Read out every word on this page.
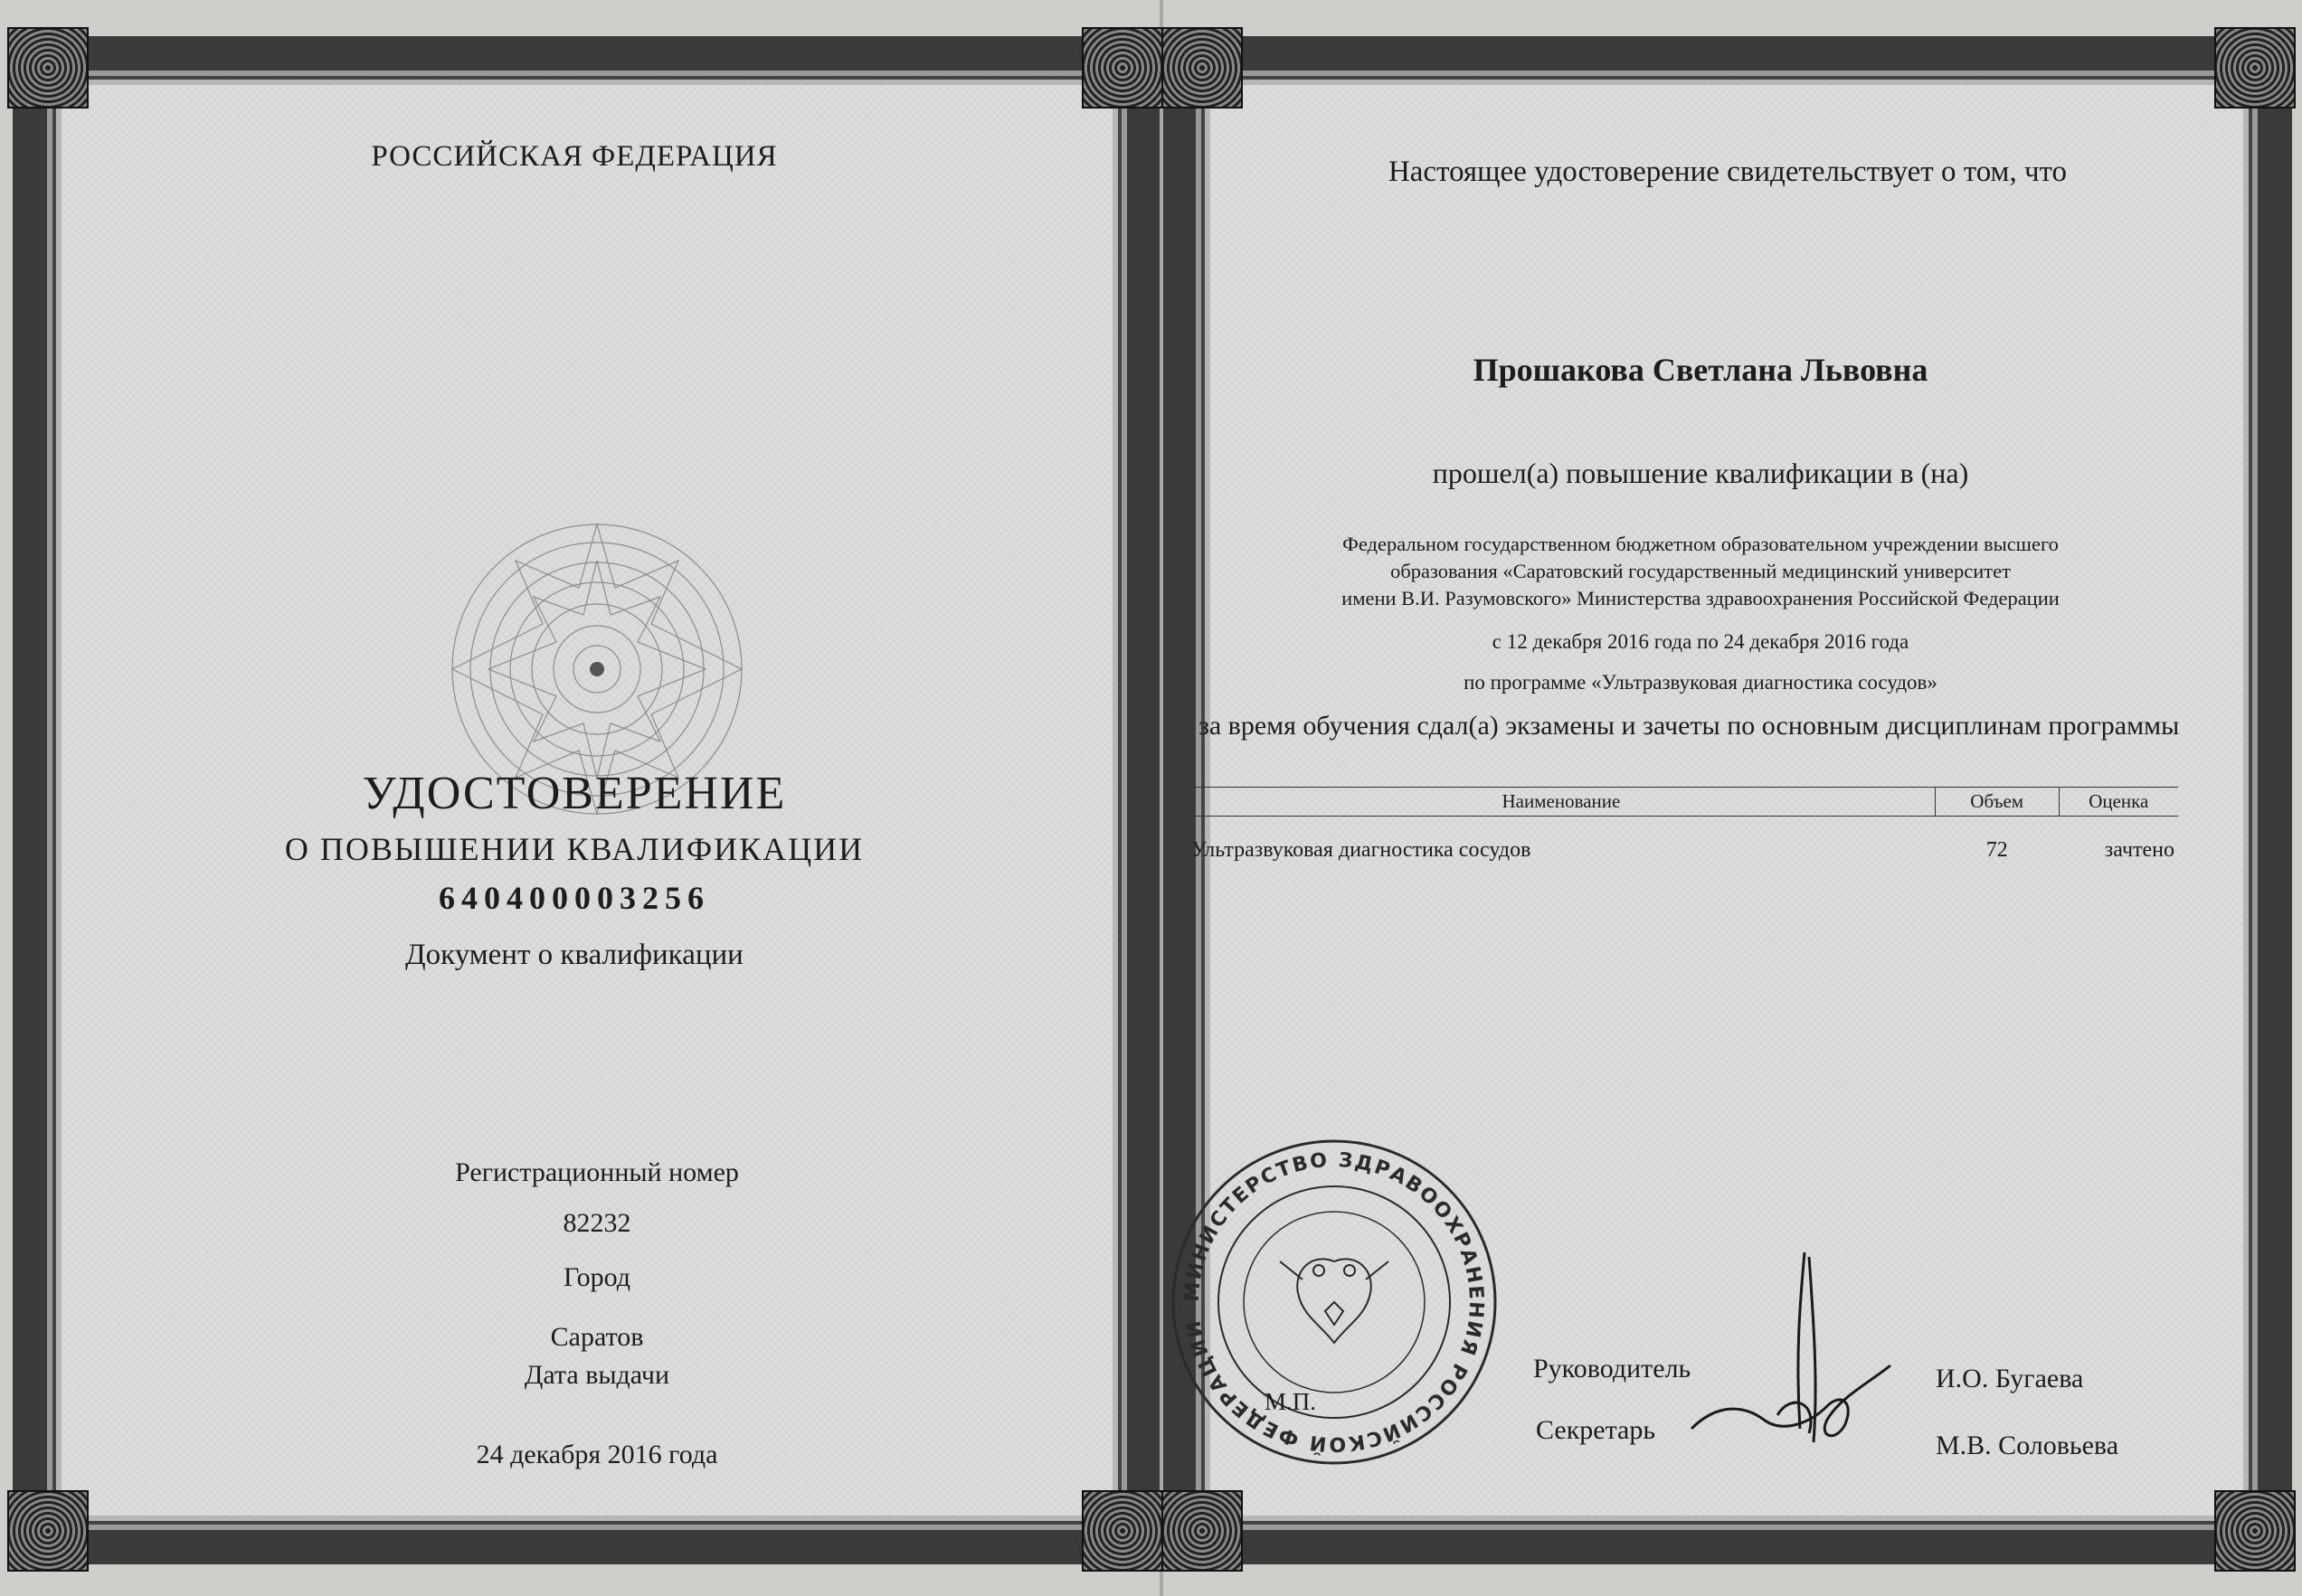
РОССИЙСКАЯ ФЕДЕРАЦИЯ
УДОСТОВЕРЕНИЕ
О ПОВЫШЕНИИ КВАЛИФИКАЦИИ
640400003256
Документ о квалификации
Регистрационный номер
82232
Город
Саратов
Дата выдачи
24 декабря 2016 года
Настоящее удостоверение свидетельствует о том, что
Прошакова Светлана Львовна
прошел(а) повышение квалификации в (на)
Федеральном государственном бюджетном образовательном учреждении высшего
образования «Саратовский государственный медицинский университет
имени В.И. Разумовского» Министерства здравоохранения Российской Федерации
с 12 декабря 2016 года по 24 декабря 2016 года
по программе «Ультразвуковая диагностика сосудов»
за время обучения сдал(а) экзамены и зачеты по основным дисциплинам программы
Наименование	Объем	Оценка
Ультразвуковая диагностика сосудов	72	зачтено
МИНИСТЕРСТВО ЗДРАВООХРАНЕНИЯ РОССИЙСКОЙ ФЕДЕРАЦИИ
М.П.
Руководитель	И.О. Бугаева
Секретарь
М.В. Соловьева
